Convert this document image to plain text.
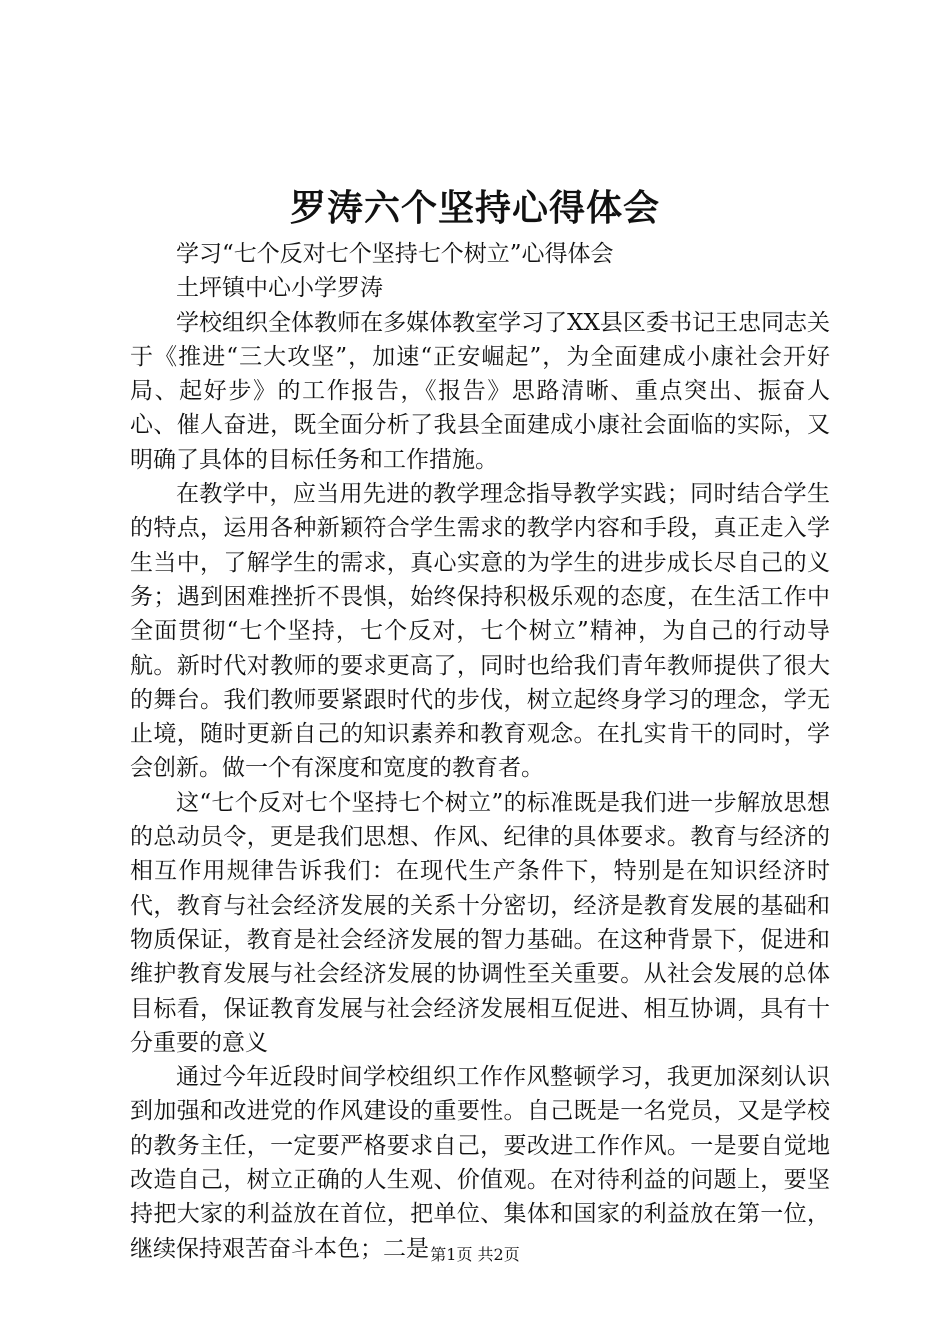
罗涛六个坚持心得体会

学习“七个反对七个坚持七个树立”心得体会

土坪镇中心小学罗涛

学校组织全体教师在多媒体教室学习了XX县区委书记王忠同志关于《推进“三大攻坚”，加速“正安崛起”，为全面建成小康社会开好局、起好步》的工作报告，《报告》思路清晰、重点突出、振奋人心、催人奋进，既全面分析了我县全面建成小康社会面临的实际，又明确了具体的目标任务和工作措施。

在教学中，应当用先进的教学理念指导教学实践；同时结合学生的特点，运用各种新颖符合学生需求的教学内容和手段，真正走入学生当中，了解学生的需求，真心实意的为学生的进步成长尽自己的义务；遇到困难挫折不畏惧，始终保持积极乐观的态度，在生活工作中全面贯彻“七个坚持，七个反对，七个树立”精神，为自己的行动导航。新时代对教师的要求更高了，同时也给我们青年教师提供了很大的舞台。我们教师要紧跟时代的步伐，树立起终身学习的理念，学无止境，随时更新自己的知识素养和教育观念。在扎实肯干的同时，学会创新。做一个有深度和宽度的教育者。

这“七个反对七个坚持七个树立”的标准既是我们进一步解放思想的总动员令，更是我们思想、作风、纪律的具体要求。教育与经济的相互作用规律告诉我们：在现代生产条件下，特别是在知识经济时代，教育与社会经济发展的关系十分密切，经济是教育发展的基础和物质保证，教育是社会经济发展的智力基础。在这种背景下，促进和维护教育发展与社会经济发展的协调性至关重要。从社会发展的总体目标看，保证教育发展与社会经济发展相互促进、相互协调，具有十分重要的意义

通过今年近段时间学校组织工作作风整顿学习，我更加深刻认识到加强和改进党的作风建设的重要性。自己既是一名党员，又是学校的教务主任，一定要严格要求自己，要改进工作作风。一是要自觉地改造自己，树立正确的人生观、价值观。在对待利益的问题上，要坚持把大家的利益放在首位，把单位、集体和国家的利益放在第一位，继续保持艰苦奋斗本色；二是 第1页 共2页
